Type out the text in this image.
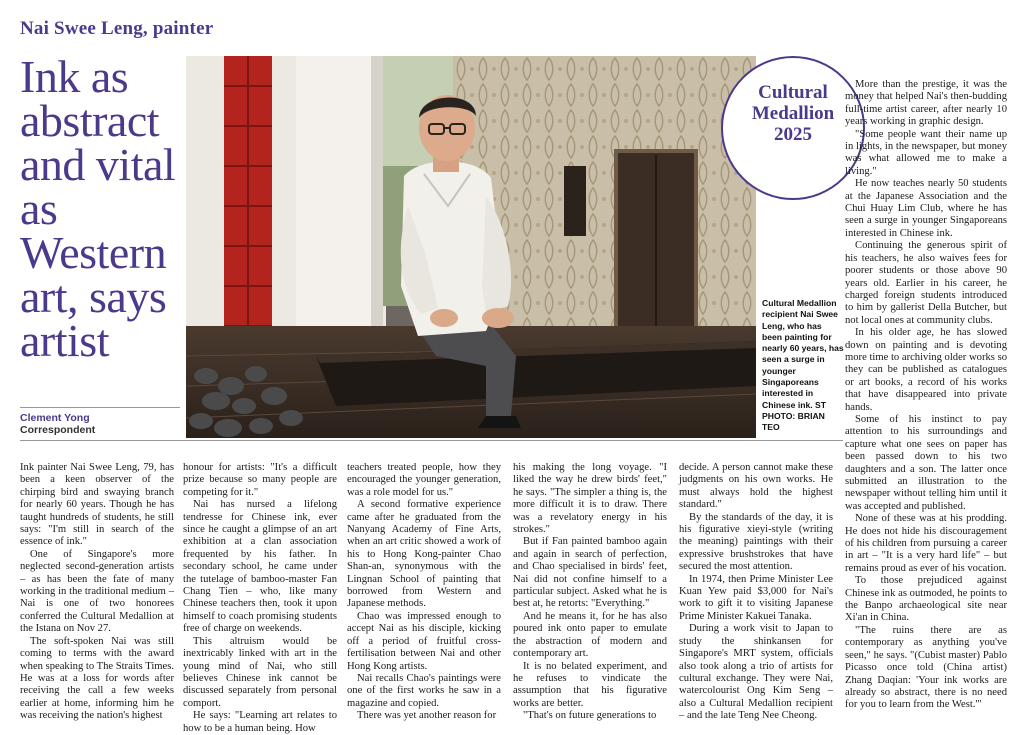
Nai Swee Leng, painter
Ink as abstract and vital as Western art, says artist
Clement Yong
Correspondent
Cultural Medallion recipient Nai Swee Leng, who has been painting for nearly 60 years, has seen a surge in younger Singaporeans interested in Chinese ink. ST PHOTO: BRIAN TEO
Cultural
Medallion
2025

Ink painter Nai Swee Leng, 79, has been a keen observer of the chirping bird and swaying branch for nearly 60 years. Though he has taught hundreds of students, he still says: "I'm still in search of the essence of ink."

One of Singapore's more neglected second-generation artists – as has been the fate of many working in the traditional medium – Nai is one of two honorees conferred the Cultural Medallion at the Istana on Nov 27.

The soft-spoken Nai was still coming to terms with the award when speaking to The Straits Times. He was at a loss for words after receiving the call a few weeks earlier at home, informing him he was receiving the nation's highest

honour for artists: "It's a difficult prize because so many people are competing for it."

Nai has nursed a lifelong tendresse for Chinese ink, ever since he caught a glimpse of an art exhibition at a clan association frequented by his father. In secondary school, he came under the tutelage of bamboo-master Fan Chang Tien – who, like many Chinese teachers then, took it upon himself to coach promising students free of charge on weekends.

This altruism would be inextricably linked with art in the young mind of Nai, who still believes Chinese ink cannot be discussed separately from personal comport.

He says: "Learning art relates to how to be a human being. How

teachers treated people, how they encouraged the younger generation, was a role model for us."

A second formative experience came after he graduated from the Nanyang Academy of Fine Arts, when an art critic showed a work of his to Hong Kong-painter Chao Shan-an, synonymous with the Lingnan School of painting that borrowed from Western and Japanese methods.

Chao was impressed enough to accept Nai as his disciple, kicking off a period of fruitful cross-fertilisation between Nai and other Hong Kong artists.

Nai recalls Chao's paintings were one of the first works he saw in a magazine and copied.

There was yet another reason for

his making the long voyage. "I liked the way he drew birds' feet," he says. "The simpler a thing is, the more difficult it is to draw. There was a revelatory energy in his strokes."

But if Fan painted bamboo again and again in search of perfection, and Chao specialised in birds' feet, Nai did not confine himself to a particular subject. Asked what he is best at, he retorts: "Everything."

And he means it, for he has also poured ink onto paper to emulate the abstraction of modern and contemporary art.

It is no belated experiment, and he refuses to vindicate the assumption that his figurative works are better.

"That's on future generations to

decide. A person cannot make these judgments on his own works. He must always hold the highest standard."

By the standards of the day, it is his figurative xieyi-style (writing the meaning) paintings with their expressive brushstrokes that have secured the most attention.

In 1974, then Prime Minister Lee Kuan Yew paid $3,000 for Nai's work to gift it to visiting Japanese Prime Minister Kakuei Tanaka.

During a work visit to Japan to study the shinkansen for Singapore's MRT system, officials also took along a trio of artists for cultural exchange. They were Nai, watercolourist Ong Kim Seng – also a Cultural Medallion recipient – and the late Teng Nee Cheong.

More than the prestige, it was the money that helped Nai's then-budding full-time artist career, after nearly 10 years working in graphic design.

"Some people want their name up in lights, in the newspaper, but money was what allowed me to make a living."

He now teaches nearly 50 students at the Japanese Association and the Chui Huay Lim Club, where he has seen a surge in younger Singaporeans interested in Chinese ink.

Continuing the generous spirit of his teachers, he also waives fees for poorer students or those above 90 years old. Earlier in his career, he charged foreign students introduced to him by gallerist Della Butcher, but not local ones at community clubs.

In his older age, he has slowed down on painting and is devoting more time to archiving older works so they can be published as catalogues or art books, a record of his works that have disappeared into private hands.

Some of his instinct to pay attention to his surroundings and capture what one sees on paper has been passed down to his two daughters and a son. The latter once submitted an illustration to the newspaper without telling him until it was accepted and published.

None of these was at his prodding. He does not hide his discouragement of his children from pursuing a career in art – "It is a very hard life" – but remains proud as ever of his vocation.

To those prejudiced against Chinese ink as outmoded, he points to the Banpo archaeological site near Xi'an in China.

"The ruins there are as contemporary as anything you've seen," he says. "(Cubist master) Pablo Picasso once told (China artist) Zhang Daqian: 'Your ink works are already so abstract, there is no need for you to learn from the West.'"
